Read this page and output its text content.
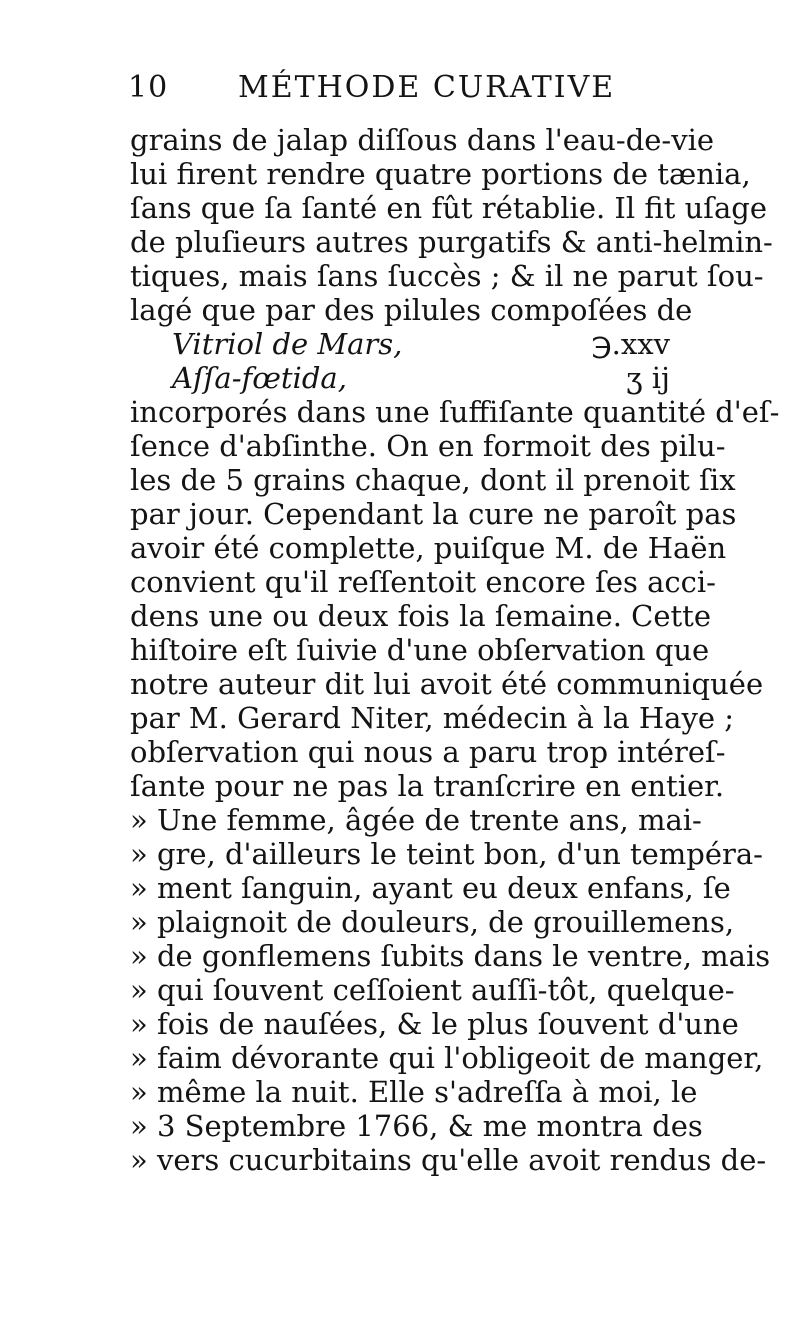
10 MÉTHODE CURATIVE
grains de jalap diſſous dans l'eau-de-vie
lui firent rendre quatre portions de tænia,
ſans que ſa ſanté en fût rétablie. Il fit uſage
de pluſieurs autres purgatifs & anti-helmin-
tiques, mais ſans ſuccès ; & il ne parut ſou-
lagé que par des pilules compoſées de
Vitriol de Mars,	℈.xxv
Aſſa-fœtida,	ʒ ij
incorporés dans une ſuffiſante quantité d'eſ-
ſence d'abſinthe. On en formoit des pilu-
les de 5 grains chaque, dont il prenoit ſix
par jour. Cependant la cure ne paroît pas
avoir été complette, puiſque M. de Haën
convient qu'il reſſentoit encore ſes acci-
dens une ou deux fois la ſemaine. Cette
hiſtoire eſt ſuivie d'une obſervation que
notre auteur dit lui avoit été communiquée
par M. Gerard Niter, médecin à la Haye ;
obſervation qui nous a paru trop intéreſ-
ſante pour ne pas la tranſcrire en entier.
» Une femme, âgée de trente ans, mai-
» gre, d'ailleurs le teint bon, d'un tempéra-
» ment ſanguin, ayant eu deux enfans, ſe
» plaignoit de douleurs, de grouillemens,
» de gonflemens ſubits dans le ventre, mais
» qui ſouvent ceſſoient auſſi-tôt, quelque-
» fois de nauſées, & le plus ſouvent d'une
» faim dévorante qui l'obligeoit de manger,
» même la nuit. Elle s'adreſſa à moi, le
» 3 Septembre 1766, & me montra des
» vers cucurbitains qu'elle avoit rendus de-
